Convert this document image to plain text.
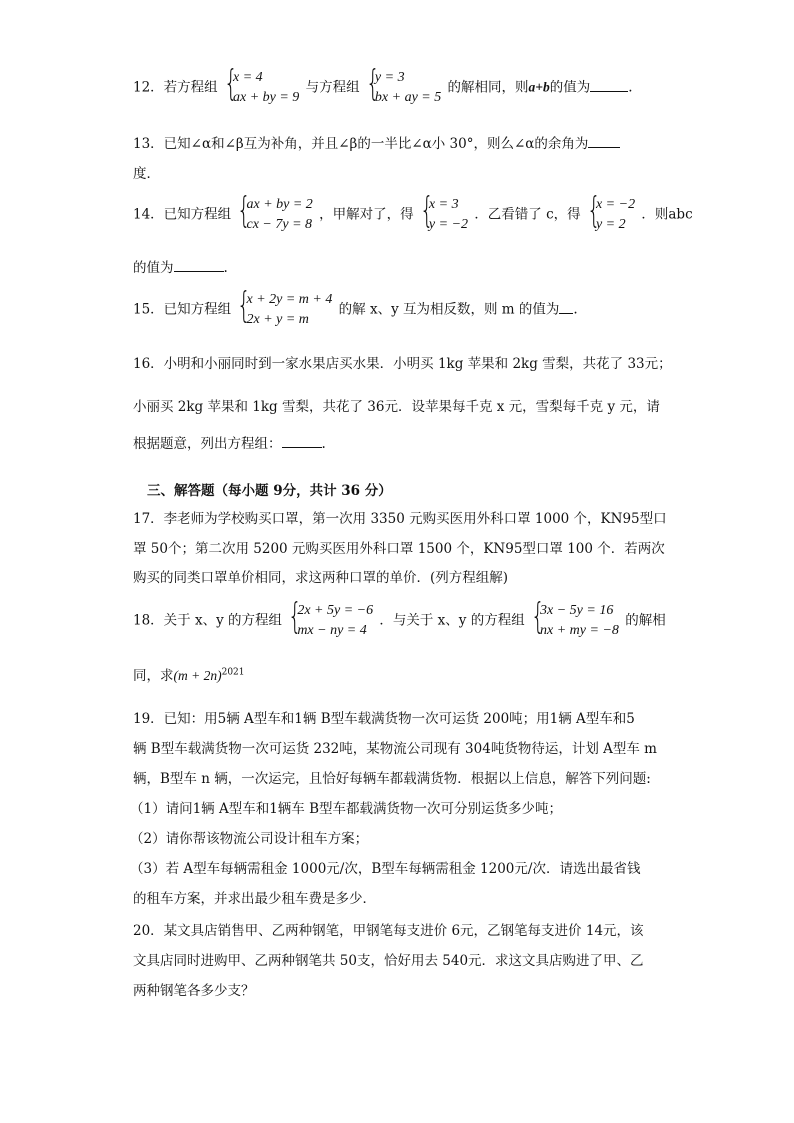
12．若方程组 {
x = 4
ax + by = 9
与方程组 {
y = 3
bx + ay = 5
的解相同，则a+b的值为	.
13．已知∠α和∠β互为补角，并且∠β的一半比∠α小 30°，则么∠α的余角为
度．
14．已知方程组 {
ax + by = 2
cx − 7y = 8
，甲解对了，得 {
x = 3
y = −2
．乙看错了 c，得 {
x = −2
y = 2
．则abc
的值为	.
15．已知方程组 {
x + 2y = m + 4
2x + y = m
的解 x、y 互为相反数，则 m 的值为 .
16．小明和小丽同时到一家水果店买水果．小明买 1kg 苹果和 2kg 雪梨，共花了 33元；
小丽买 2kg 苹果和 1kg 雪梨，共花了 36元．设苹果每千克 x 元，雪梨每千克 y 元，请
根据题意，列出方程组：	.
三、解答题（每小题 9分，共计 36 分）
17．李老师为学校购买口罩，第一次用 3350 元购买医用外科口罩 1000 个，KN95型口
罩 50个；第二次用 5200 元购买医用外科口罩 1500 个，KN95型口罩 100 个．若两次
购买的同类口罩单价相同，求这两种口罩的单价．(列方程组解)
18．关于 x、y 的方程组 {
2x + 5y = −6
mx − ny = 4
．与关于 x、y 的方程组 {
3x − 5y = 16
nx + my = −8
的解相
同，求$(m + 2n)^{2021}$
19．已知：用5辆 A型车和1辆 B型车载满货物一次可运货 200吨；用1辆 A型车和5
辆 B型车载满货物一次可运货 232吨，某物流公司现有 304吨货物待运，计划 A型车 m
辆，B型车 n 辆，一次运完，且恰好每辆车都载满货物．根据以上信息，解答下列问题:
（1）请问1辆 A型车和1辆车 B型车都载满货物一次可分别运货多少吨；
（2）请你帮该物流公司设计租车方案；
（3）若 A型车每辆需租金 1000元/次，B型车每辆需租金 1200元/次．请选出最省钱
的租车方案，并求出最少租车费是多少．
20．某文具店销售甲、乙两种钢笔，甲钢笔每支进价 6元，乙钢笔每支进价 14元，该
文具店同时进购甲、乙两种钢笔共 50支，恰好用去 540元．求这文具店购进了甲、乙
两种钢笔各多少支？
